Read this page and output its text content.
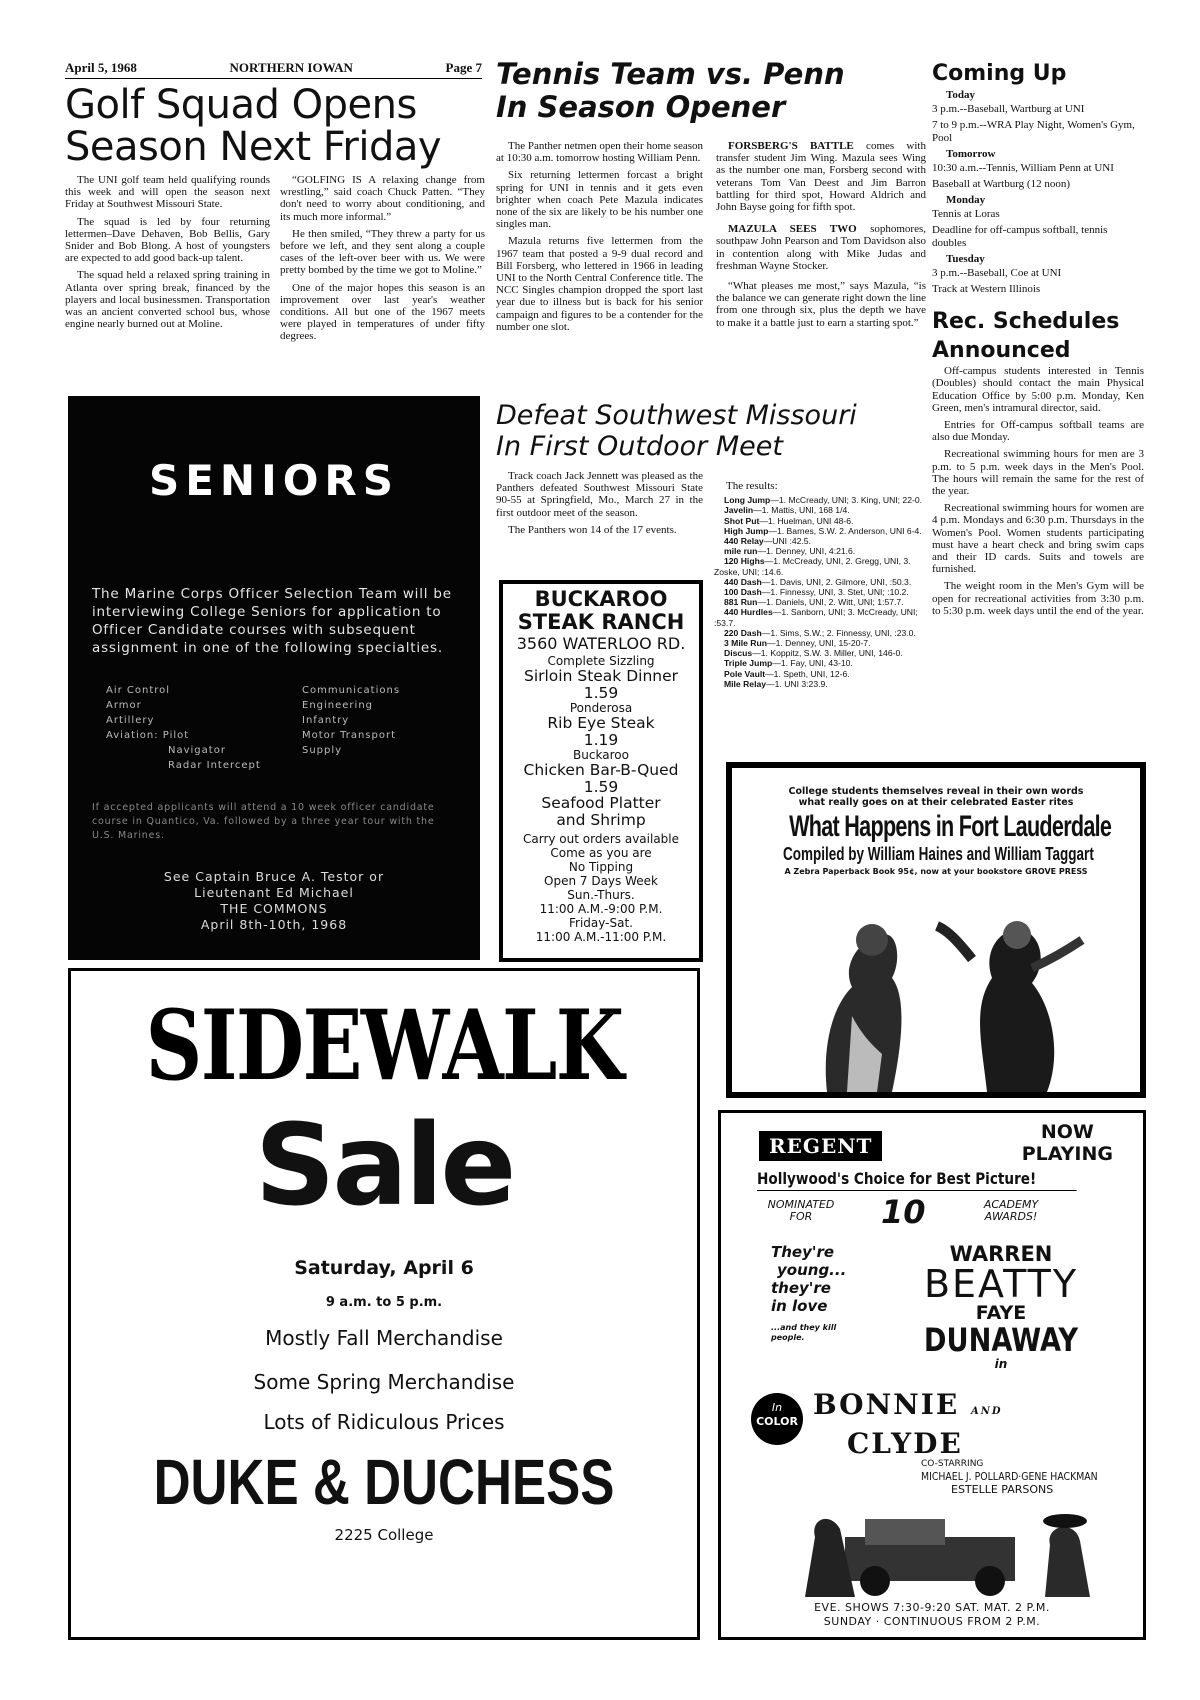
April 5, 1968	NORTHERN IOWAN	Page 7
Golf Squad Opens Season Next Friday

The UNI golf team held qualifying rounds this week and will open the season next Friday at Southwest Missouri State.

The squad is led by four returning lettermen–Dave Dehaven, Bob Bellis, Gary Snider and Bob Blong. A host of youngsters are expected to add good back-up talent.

The squad held a relaxed spring training in Atlanta over spring break, financed by the players and local businessmen. Transportation was an ancient converted school bus, whose engine nearly burned out at Moline.

“GOLFING IS A relaxing change from wrestling,” said coach Chuck Patten. “They don't need to worry about conditioning, and its much more informal.”

He then smiled, “They threw a party for us before we left, and they sent along a couple cases of the left-over beer with us. We were pretty bombed by the time we got to Moline.”

One of the major hopes this season is an improvement over last year's weather conditions. All but one of the 1967 meets were played in temperatures of under fifty degrees.

SENIORS
The Marine Corps Officer Selection Team will be interviewing College Seniors for application to Officer Candidate courses with subsequent assignment in one of the following specialties.
Air Control
Armor
Artillery
Aviation: Pilot
Navigator
Radar Intercept
Communications
Engineering
Infantry
Motor Transport
Supply
If accepted applicants will attend a 10 week officer candidate course in Quantico, Va. followed by a three year tour with the U.S. Marines.
See Captain Bruce A. Testor or
Lieutenant Ed Michael
THE COMMONS
April 8th-10th, 1968
Tennis Team vs. Penn
In Season Opener

The Panther netmen open their home season at 10:30 a.m. tomorrow hosting William Penn.

Six returning lettermen forcast a bright spring for UNI in tennis and it gets even brighter when coach Pete Mazula indicates none of the six are likely to be his number one singles man.

Mazula returns five lettermen from the 1967 team that posted a 9-9 dual record and Bill Forsberg, who lettered in 1966 in leading UNI to the North Central Conference title. The NCC Singles champion dropped the sport last year due to illness but is back for his senior campaign and figures to be a contender for the number one slot.

FORSBERG'S BATTLE comes with transfer student Jim Wing. Mazula sees Wing as the number one man, Forsberg second with veterans Tom Van Deest and Jim Barron battling for third spot, Howard Aldrich and John Bayse going for fifth spot.

MAZULA SEES TWO sophomores, southpaw John Pearson and Tom Davidson also in contention along with Mike Judas and freshman Wayne Stocker.

“What pleases me most,” says Mazula, “is the balance we can generate right down the line from one through six, plus the depth we have to make it a battle just to earn a starting spot.”

Coming Up
Today
3 p.m.--Baseball, Wartburg at UNI
7 to 9 p.m.--WRA Play Night, Women's Gym, Pool
Tomorrow
10:30 a.m.--Tennis, William Penn at UNI
Baseball at Wartburg (12 noon)
Monday
Tennis at Loras
Deadline for off-campus softball, tennis doubles
Tuesday
3 p.m.--Baseball, Coe at UNI
Track at Western Illinois
Rec. Schedules
Announced

Off-campus students interested in Tennis (Doubles) should contact the main Physical Education Office by 5:00 p.m. Monday, Ken Green, men's intramural director, said.

Entries for Off-campus softball teams are also due Monday.

Recreational swimming hours for men are 3 p.m. to 5 p.m. week days in the Men's Pool. The hours will remain the same for the rest of the year.

Recreational swimming hours for women are 4 p.m. Mondays and 6:30 p.m. Thursdays in the Women's Pool. Women students participating must have a heart check and bring swim caps and their ID cards. Suits and towels are furnished.

The weight room in the Men's Gym will be open for recreational activities from 3:30 p.m. to 5:30 p.m. week days until the end of the year.

Defeat Southwest Missouri
In First Outdoor Meet

Track coach Jack Jennett was pleased as the Panthers defeated Southwest Missouri State 90-55 at Springfield, Mo., March 27 in the first outdoor meet of the season.

The Panthers won 14 of the 17 events.

The results:
Long Jump—1. McCready, UNI; 3. King, UNI; 22-0.
Javelin—1. Mattis, UNI, 168 1/4.
Shot Put—1. Huelman, UNI 48-6.
High Jump—1. Barnes, S.W. 2. Anderson, UNI 6-4.
440 Relay—UNI :42.5.
mile run—1. Denney, UNI, 4:21.6.
120 Highs—1. McCready, UNI, 2. Gregg, UNI, 3. Zoske, UNI; :14.6.
440 Dash—1. Davis, UNI, 2. Gilmore, UNI, :50.3.
100 Dash—1. Finnessy, UNI, 3. Stet, UNI; :10.2.
881 Run—1. Daniels, UNI, 2. Witt, UNI; 1:57.7.
440 Hurdles—1. Sanborn, UNI; 3. McCready, UNI; :53.7.
220 Dash—1. Sims, S.W.; 2. Finnessy, UNI, :23.0.
3 Mile Run—1. Denney, UNI, 15-20-7.
Discus—1. Koppitz, S.W. 3. Miller, UNI, 146-0.
Triple Jump—1. Fay, UNI, 43-10.
Pole Vault—1. Speth, UNI, 12-6.
Mile Relay—1. UNI 3:23.9.
BUCKAROO
STEAK RANCH
3560 WATERLOO RD.
Complete Sizzling
Sirloin Steak Dinner
1.59
Ponderosa
Rib Eye Steak
1.19
Buckaroo
Chicken Bar-B-Qued
1.59
Seafood Platter
and Shrimp
Carry out orders available
Come as you are
No Tipping
Open 7 Days Week
Sun.-Thurs.
11:00 A.M.-9:00 P.M.
Friday-Sat.
11:00 A.M.-11:00 P.M.
College students themselves reveal in their own words
what really goes on at their celebrated Easter rites
What Happens in Fort Lauderdale
Compiled by William Haines and William Taggart
A Zebra Paperback Book 95¢, now at your bookstore GROVE PRESS
SIDEWALK
Sale
Saturday, April 6
9 a.m. to 5 p.m.
Mostly Fall Merchandise
Some Spring Merchandise
Lots of Ridiculous Prices
DUKE & DUCHESS
2225 College
REGENT
NOW
PLAYING
Hollywood's Choice for Best Picture!
NOMINATED FOR	10	ACADEMY AWARDS!
They're
young...
they're
in love
...and they kill people.
WARREN
BEATTY
FAYE
DUNAWAY
in
In
COLOR
BONNIE AND
CLYDE
CO-STARRING
MICHAEL J. POLLARD·GENE HACKMAN
ESTELLE PARSONS
EVE. SHOWS 7:30-9:20 SAT. MAT. 2 P.M.
SUNDAY · CONTINUOUS FROM 2 P.M.
